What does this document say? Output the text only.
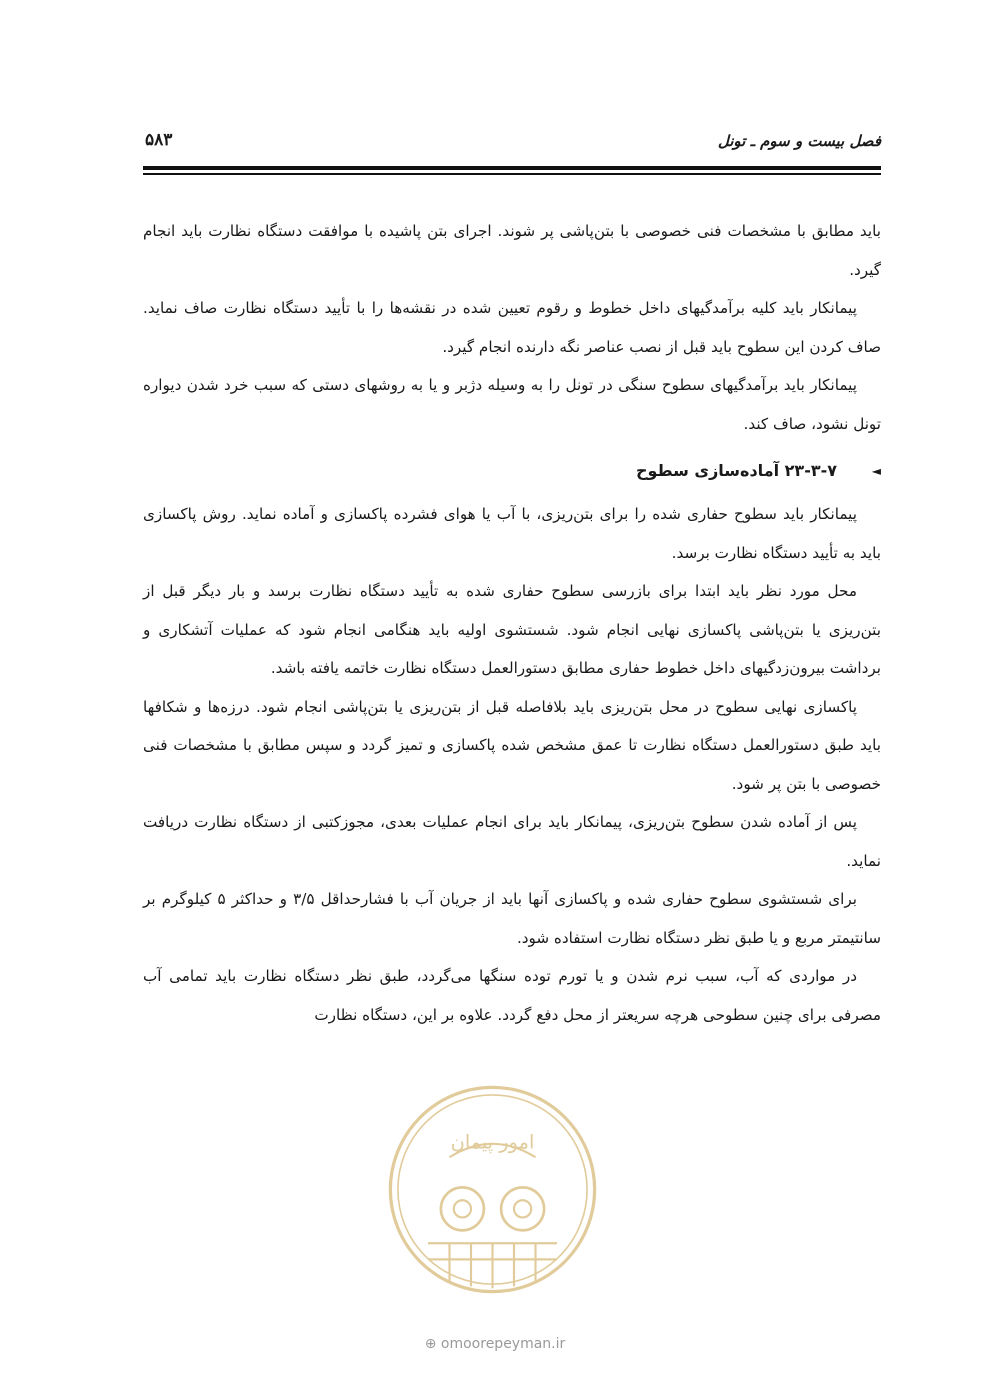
فصل بیست و سوم ـ تونل
۵۸۳

باید مطابق با مشخصات فنی خصوصی با بتن‌پاشی پر شوند. اجرای بتن پاشیده با موافقت دستگاه نظارت باید انجام گیرد.

پیمانکار باید کلیه برآمدگیهای داخل خطوط و رقوم تعیین شده در نقشه‌ها را با تأیید دستگاه نظارت صاف نماید. صاف کردن این سطوح باید قبل از نصب عناصر نگه دارنده انجام گیرد.

پیمانکار باید برآمدگیهای سطوح سنگی در تونل را به وسیله دژبر و یا به روشهای دستی که سبب خرد شدن دیواره تونل نشود، صاف کند.

◄
۲۳-۳-۷ آماده‌سازی سطوح

پیمانکار باید سطوح حفاری شده را برای بتن‌ریزی، با آب یا هوای فشرده پاکسازی و آماده نماید. روش پاکسازی باید به تأیید دستگاه نظارت برسد.

محل مورد نظر باید ابتدا برای بازرسی سطوح حفاری شده به تأیید دستگاه نظارت برسد و بار دیگر قبل از بتن‌ریزی یا بتن‌پاشی پاکسازی نهایی انجام شود. شستشوی اولیه باید هنگامی انجام شود که عملیات آتشکاری و برداشت بیرون‌زدگیهای داخل خطوط حفاری مطابق دستورالعمل دستگاه نظارت خاتمه یافته باشد.

پاکسازی نهایی سطوح در محل بتن‌ریزی باید بلافاصله قبل از بتن‌ریزی یا بتن‌پاشی انجام شود. درزه‌ها و شکافها باید طبق دستورالعمل دستگاه نظارت تا عمق مشخص شده پاکسازی و تمیز گردد و سپس مطابق با مشخصات فنی خصوصی با بتن پر شود.

پس از آماده شدن سطوح بتن‌ریزی، پیمانکار باید برای انجام عملیات بعدی، مجوزکتبی از دستگاه نظارت دریافت نماید.

برای شستشوی سطوح حفاری شده و پاکسازی آنها باید از جریان آب با فشارحداقل ۳/۵ و حداکثر ۵ کیلوگرم بر سانتیمتر مربع و یا طبق نظر دستگاه نظارت استفاده شود.

در مواردی که آب، سبب نرم شدن و یا تورم توده سنگها می‌گردد، طبق نظر دستگاه نظارت باید تمامی آب مصرفی برای چنین سطوحی هرچه سریعتر از محل دفع گردد. علاوه بر این، دستگاه نظارت

امور پیمان
⊕ omoorepeyman.ir
